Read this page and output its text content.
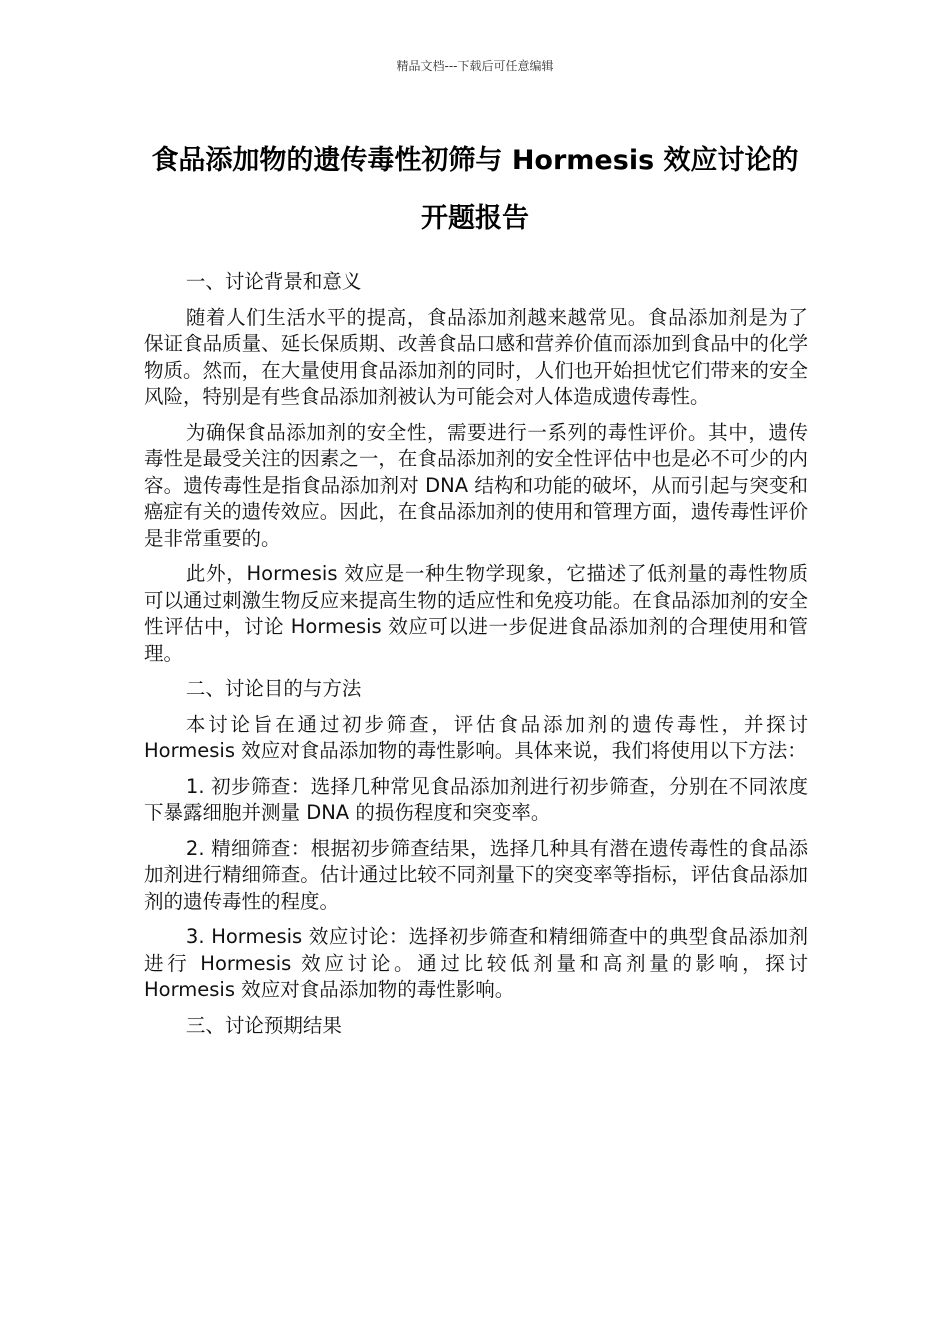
精品文档---下载后可任意编辑
食品添加物的遗传毒性初筛与 Hormesis 效应讨论的
开题报告

一、讨论背景和意义

随着人们生活水平的提高，食品添加剂越来越常见。食品添加剂是为了保证食品质量、延长保质期、改善食品口感和营养价值而添加到食品中的化学物质。然而，在大量使用食品添加剂的同时，人们也开始担忧它们带来的安全风险，特别是有些食品添加剂被认为可能会对人体造成遗传毒性。

为确保食品添加剂的安全性，需要进行一系列的毒性评价。其中，遗传毒性是最受关注的因素之一，在食品添加剂的安全性评估中也是必不可少的内容。遗传毒性是指食品添加剂对 DNA 结构和功能的破坏，从而引起与突变和癌症有关的遗传效应。因此，在食品添加剂的使用和管理方面，遗传毒性评价是非常重要的。

此外，Hormesis 效应是一种生物学现象，它描述了低剂量的毒性物质可以通过刺激生物反应来提高生物的适应性和免疫功能。在食品添加剂的安全性评估中，讨论 Hormesis 效应可以进一步促进食品添加剂的合理使用和管理。

二、讨论目的与方法

本讨论旨在通过初步筛查，评估食品添加剂的遗传毒性，并探讨 Hormesis 效应对食品添加物的毒性影响。具体来说，我们将使用以下方法：

1. 初步筛查：选择几种常见食品添加剂进行初步筛查，分别在不同浓度下暴露细胞并测量 DNA 的损伤程度和突变率。

2. 精细筛查：根据初步筛查结果，选择几种具有潜在遗传毒性的食品添加剂进行精细筛查。估计通过比较不同剂量下的突变率等指标，评估食品添加剂的遗传毒性的程度。

3. Hormesis 效应讨论：选择初步筛查和精细筛查中的典型食品添加剂进行 Hormesis 效应讨论。通过比较低剂量和高剂量的影响，探讨 Hormesis 效应对食品添加物的毒性影响。

三、讨论预期结果
